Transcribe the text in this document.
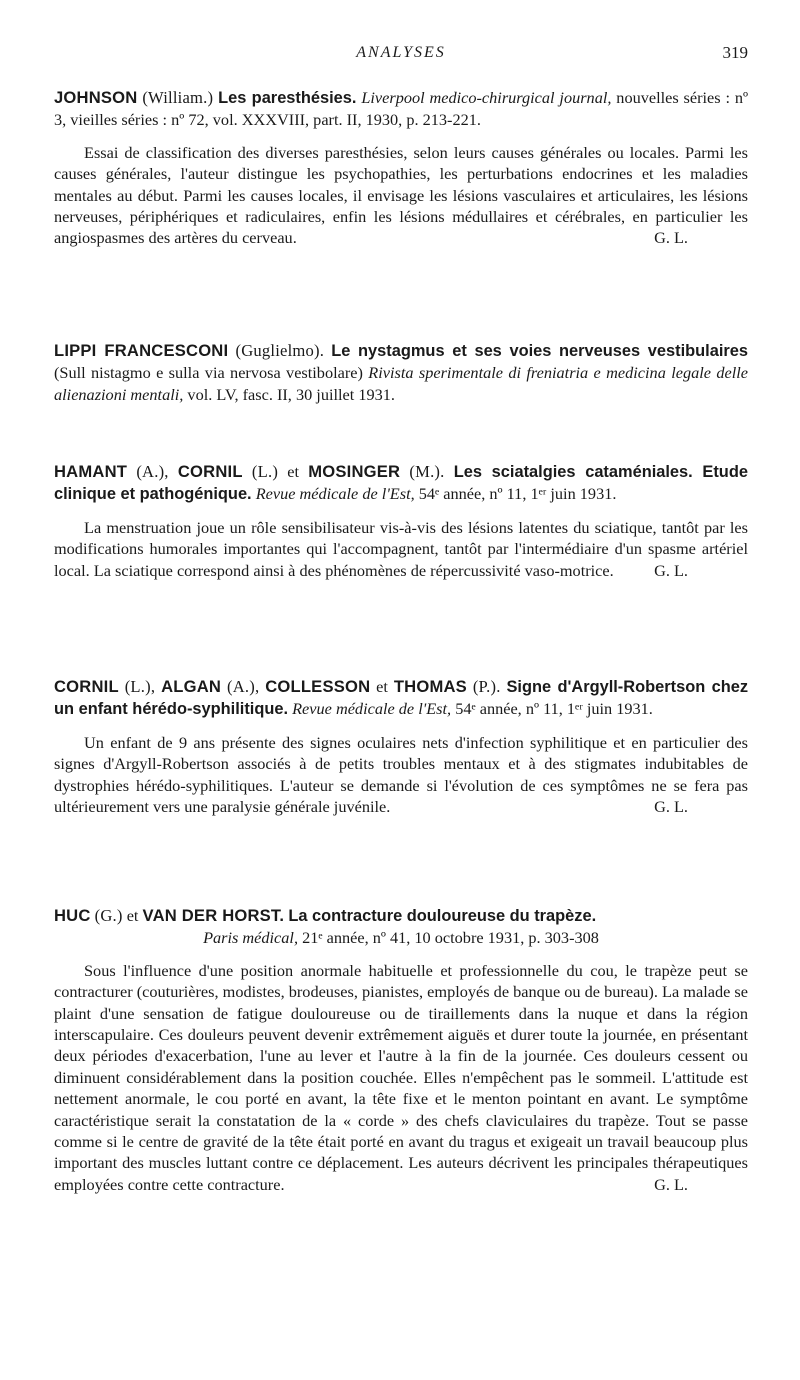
ANALYSES	319

JOHNSON (William.) Les paresthésies. Liverpool medico-chirurgical journal, nouvelles séries : nº 3, vieilles séries : nº 72, vol. XXXVIII, part. II, 1930, p. 213-221.

Essai de classification des diverses paresthésies, selon leurs causes générales ou locales. Parmi les causes générales, l'auteur distingue les psychopathies, les perturbations endocrines et les maladies mentales au début. Parmi les causes locales, il envisage les lésions vasculaires et articulaires, les lésions nerveuses, périphériques et radiculaires, enfin les lésions médullaires et cérébrales, en particulier les angiospasmes des artères du cerveau.	G. L.

LIPPI FRANCESCONI (Guglielmo). Le nystagmus et ses voies nerveuses vestibulaires (Sull nistagmo e sulla via nervosa vestibolare) Rivista sperimentale di freniatria e medicina legale delle alienazioni mentali, vol. LV, fasc. II, 30 juillet 1931.

HAMANT (A.), CORNIL (L.) et MOSINGER (M.). Les sciatalgies cataméniales. Etude clinique et pathogénique. Revue médicale de l'Est, 54ᵉ année, nº 11, 1ᵉʳ juin 1931.

La menstruation joue un rôle sensibilisateur vis-à-vis des lésions latentes du sciatique, tantôt par les modifications humorales importantes qui l'accompagnent, tantôt par l'intermédiaire d'un spasme artériel local. La sciatique correspond ainsi à des phénomènes de répercussivité vaso-motrice.	G. L.

CORNIL (L.), ALGAN (A.), COLLESSON et THOMAS (P.). Signe d'Argyll-Robertson chez un enfant hérédo-syphilitique. Revue médicale de l'Est, 54ᵉ année, nº 11, 1ᵉʳ juin 1931.

Un enfant de 9 ans présente des signes oculaires nets d'infection syphilitique et en particulier des signes d'Argyll-Robertson associés à de petits troubles mentaux et à des stigmates indubitables de dystrophies hérédo-syphilitiques. L'auteur se demande si l'évolution de ces symptômes ne se fera pas ultérieurement vers une paralysie générale juvénile.	G. L.

HUC (G.) et VAN DER HORST. La contracture douloureuse du trapèze.
Paris médical, 21ᵉ année, nº 41, 10 octobre 1931, p. 303-308

Sous l'influence d'une position anormale habituelle et professionnelle du cou, le trapèze peut se contracturer (couturières, modistes, brodeuses, pianistes, employés de banque ou de bureau). La malade se plaint d'une sensation de fatigue douloureuse ou de tiraillements dans la nuque et dans la région interscapulaire. Ces douleurs peuvent devenir extrêmement aiguës et durer toute la journée, en présentant deux périodes d'exacerbation, l'une au lever et l'autre à la fin de la journée. Ces douleurs cessent ou diminuent considérablement dans la position couchée. Elles n'empêchent pas le sommeil. L'attitude est nettement anormale, le cou porté en avant, la tête fixe et le menton pointant en avant. Le symptôme caractéristique serait la constatation de la « corde » des chefs claviculaires du trapèze. Tout se passe comme si le centre de gravité de la tête était porté en avant du tragus et exigeait un travail beaucoup plus important des muscles luttant contre ce déplacement. Les auteurs décrivent les principales thérapeutiques employées contre cette contracture.	G. L.
